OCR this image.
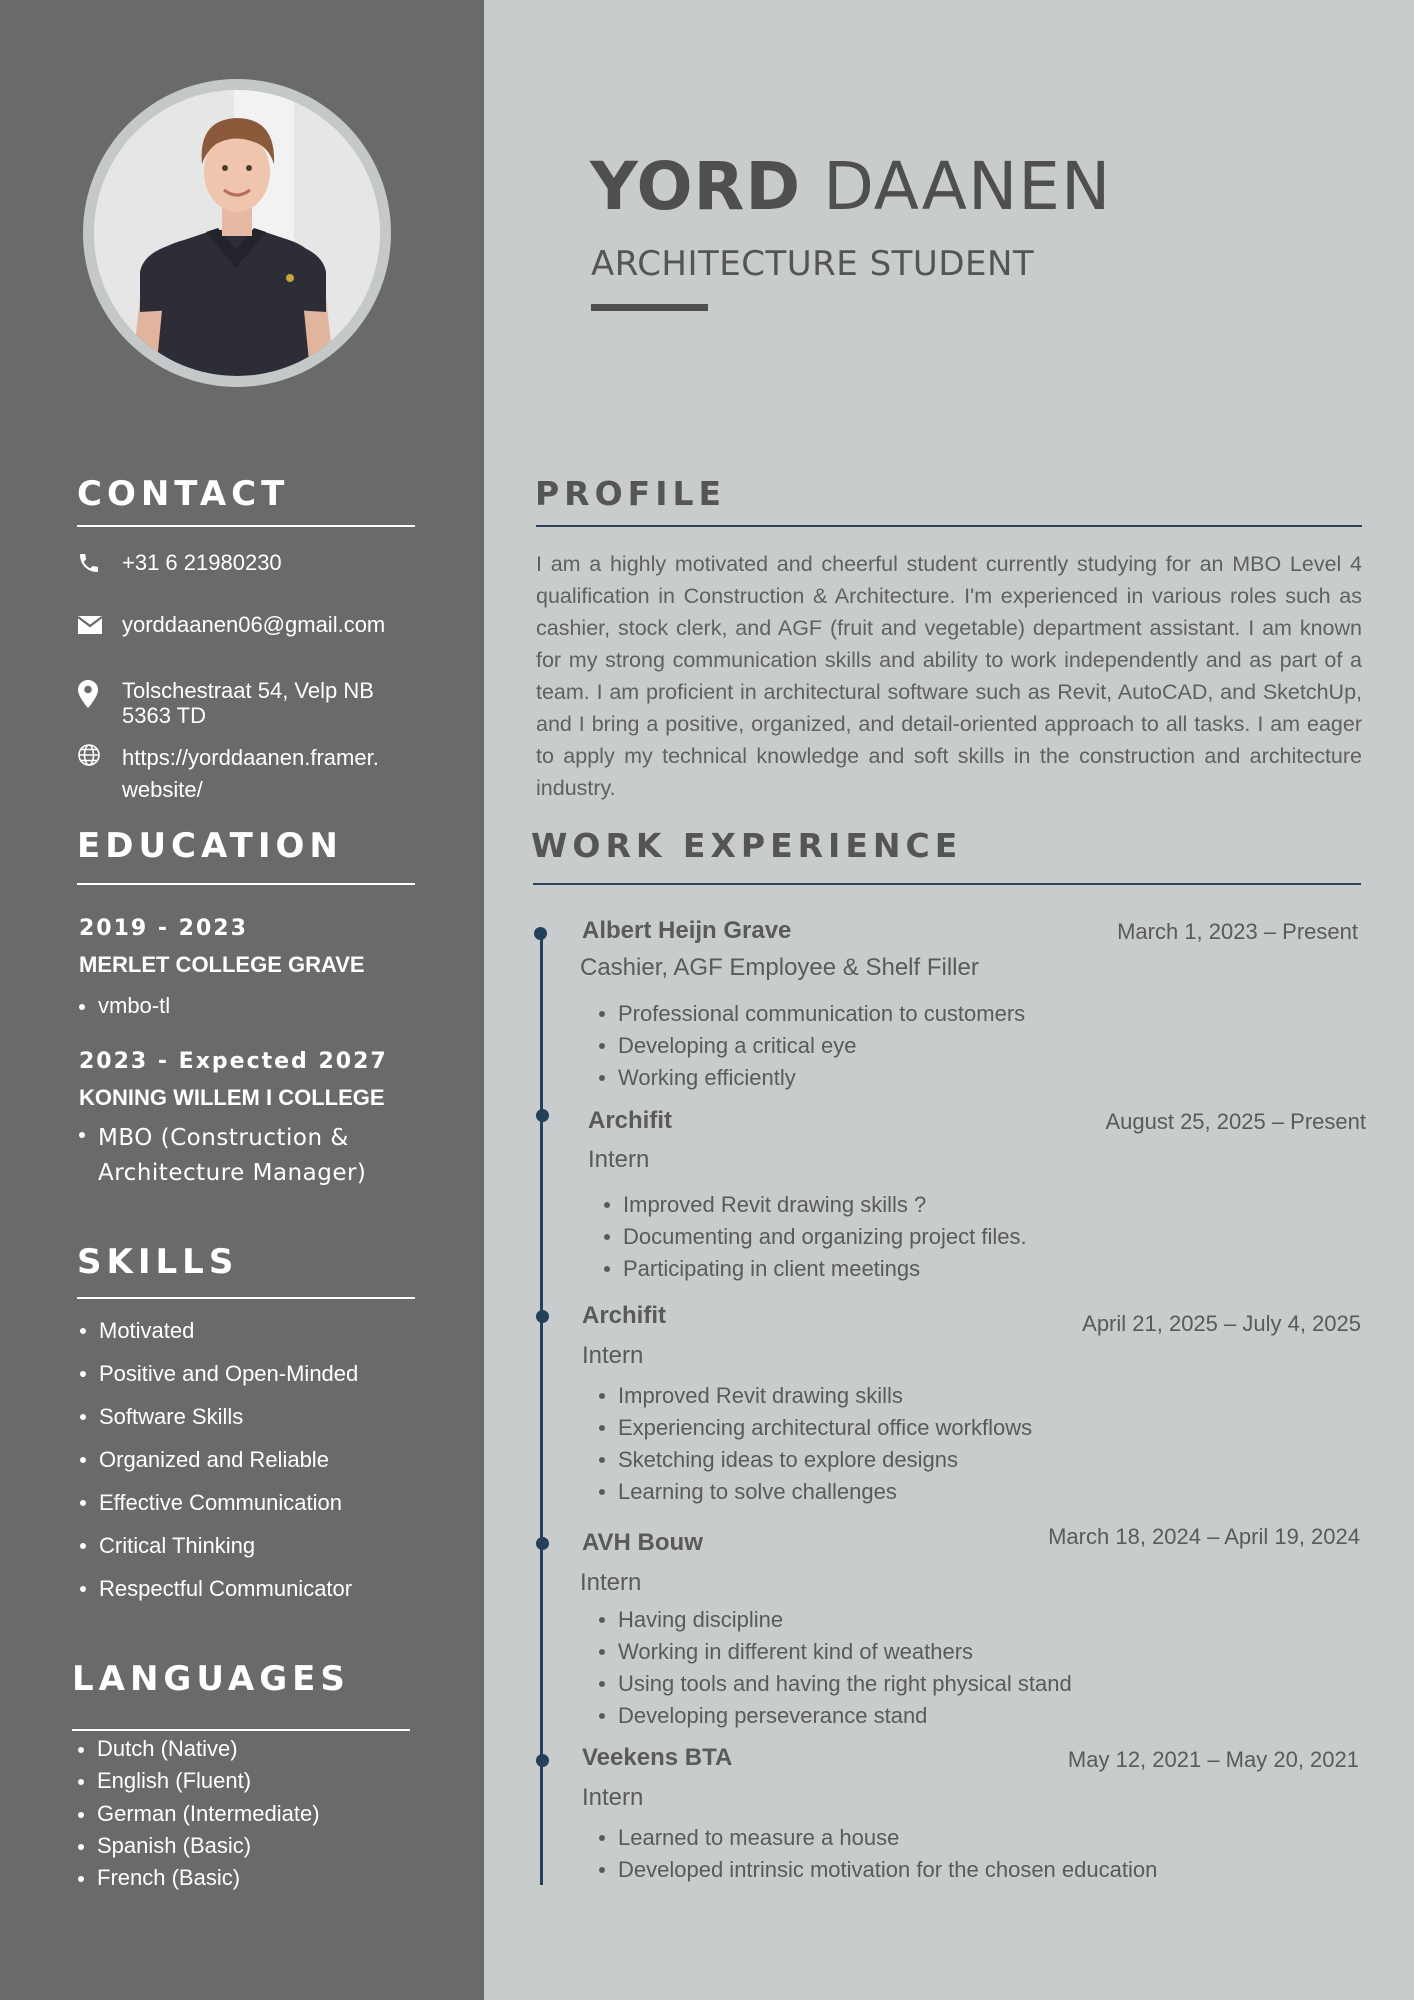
CONTACT
+31 6 21980230
yorddaanen06@gmail.com
Tolschestraat 54, Velp NB
5363 TD
https://yorddaanen.framer.
website/
EDUCATION
2019 - 2023
MERLET COLLEGE GRAVE
vmbo-tl
2023 - Expected 2027
KONING WILLEM I COLLEGE
MBO (Construction & Architecture Manager)
SKILLS
Motivated
Positive and Open-Minded
Software Skills
Organized and Reliable
Effective Communication
Critical Thinking
Respectful Communicator
LANGUAGES
Dutch (Native)
English (Fluent)
German (Intermediate)
Spanish (Basic)
French (Basic)
YORD DAANEN
ARCHITECTURE STUDENT
PROFILE
I am a highly motivated and cheerful student currently studying for an MBO Level 4 qualification in Construction & Architecture. I'm experienced in various roles such as cashier, stock clerk, and AGF (fruit and vegetable) department assistant. I am known for my strong communication skills and ability to work independently and as part of a team. I am proficient in architectural software such as Revit, AutoCAD, and SketchUp, and I bring a positive, organized, and detail-oriented approach to all tasks. I am eager to apply my technical knowledge and soft skills in the construction and architecture industry.
WORK EXPERIENCE
Albert Heijn Grave	March 1, 2023 – Present
Cashier, AGF Employee & Shelf Filler
Professional communication to customers
Developing a critical eye
Working efficiently
Archifit	August 25, 2025 – Present
Intern
Improved Revit drawing skills ?
Documenting and organizing project files.
Participating in client meetings
Archifit	April 21, 2025 – July 4, 2025
Intern
Improved Revit drawing skills
Experiencing architectural office workflows
Sketching ideas to explore designs
Learning to solve challenges
AVH Bouw	March 18, 2024 – April 19, 2024
Intern
Having discipline
Working in different kind of weathers
Using tools and having the right physical stand
Developing perseverance stand
Veekens BTA	May 12, 2021 – May 20, 2021
Intern
Learned to measure a house
Developed intrinsic motivation for the chosen education
